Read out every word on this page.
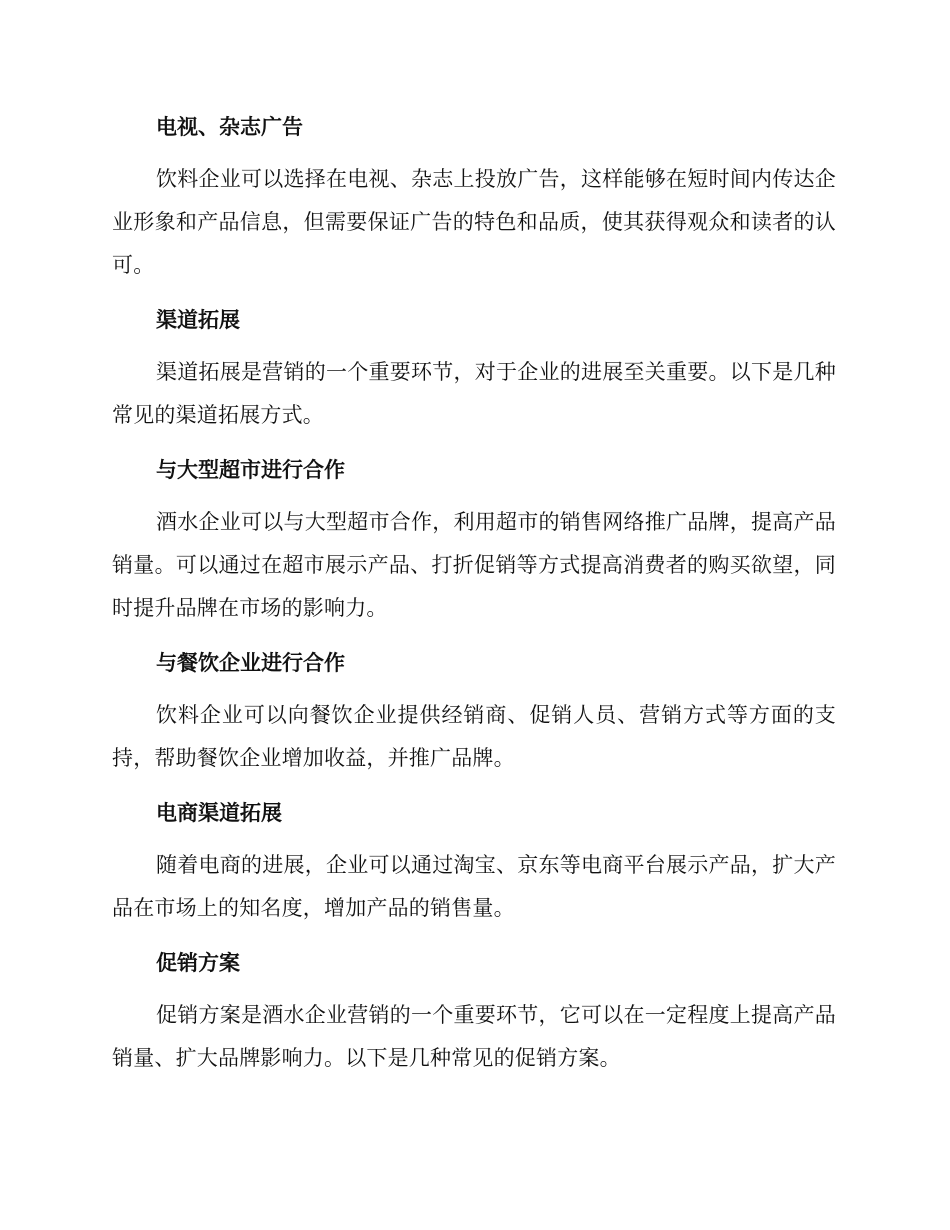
电视、杂志广告

饮料企业可以选择在电视、杂志上投放广告，这样能够在短时间内传达企业形象和产品信息，但需要保证广告的特色和品质，使其获得观众和读者的认可。

渠道拓展

渠道拓展是营销的一个重要环节，对于企业的进展至关重要。以下是几种常见的渠道拓展方式。

与大型超市进行合作

酒水企业可以与大型超市合作，利用超市的销售网络推广品牌，提高产品销量。可以通过在超市展示产品、打折促销等方式提高消费者的购买欲望，同时提升品牌在市场的影响力。

与餐饮企业进行合作

饮料企业可以向餐饮企业提供经销商、促销人员、营销方式等方面的支持，帮助餐饮企业增加收益，并推广品牌。

电商渠道拓展

随着电商的进展，企业可以通过淘宝、京东等电商平台展示产品，扩大产品在市场上的知名度，增加产品的销售量。

促销方案

促销方案是酒水企业营销的一个重要环节，它可以在一定程度上提高产品销量、扩大品牌影响力。以下是几种常见的促销方案。
